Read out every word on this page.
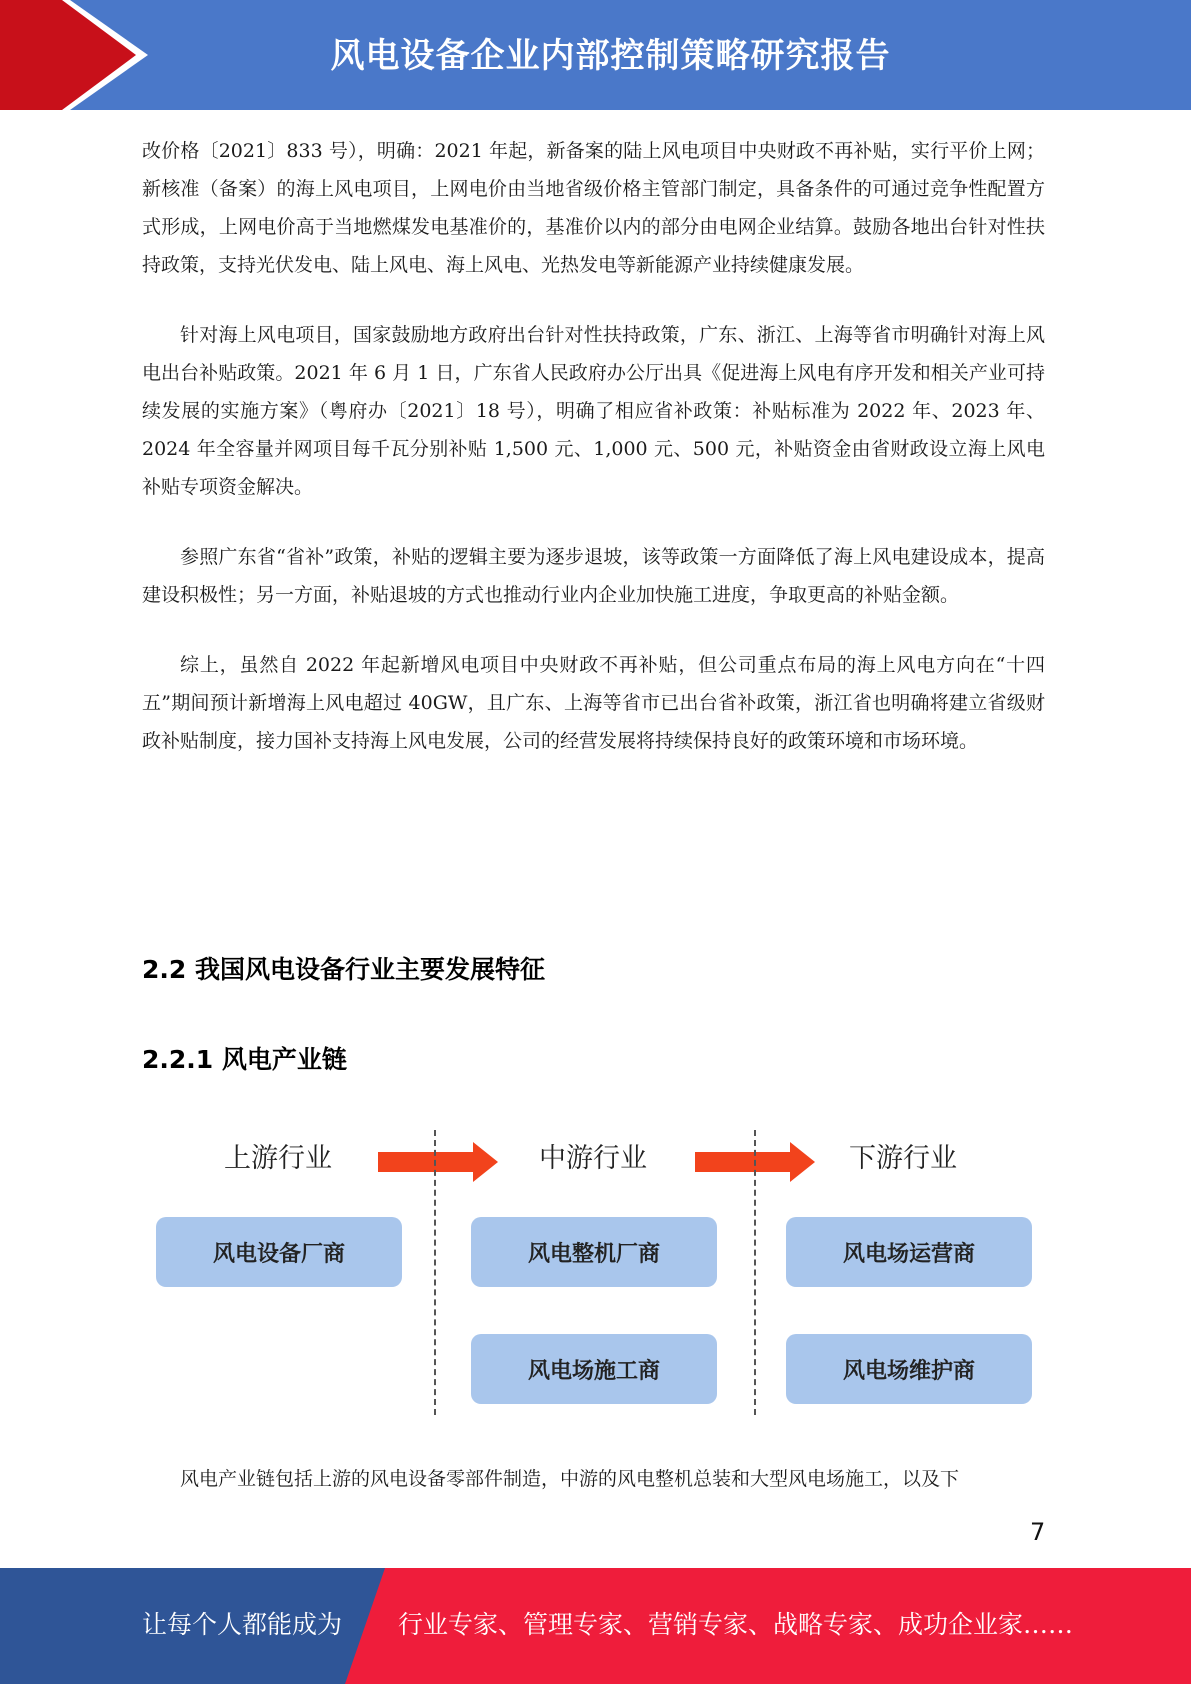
风电设备企业内部控制策略研究报告

改价格〔2021〕833 号），明确：2021 年起，新备案的陆上风电项目中央财政不再补贴，实行平价上网；新核准（备案）的海上风电项目，上网电价由当地省级价格主管部门制定，具备条件的可通过竞争性配置方式形成，上网电价高于当地燃煤发电基准价的，基准价以内的部分由电网企业结算。鼓励各地出台针对性扶持政策，支持光伏发电、陆上风电、海上风电、光热发电等新能源产业持续健康发展。

针对海上风电项目，国家鼓励地方政府出台针对性扶持政策，广东、浙江、上海等省市明确针对海上风电出台补贴政策。2021 年 6 月 1 日，广东省人民政府办公厅出具《促进海上风电有序开发和相关产业可持续发展的实施方案》（粤府办〔2021〕18 号），明确了相应省补政策：补贴标准为 2022 年、2023 年、2024 年全容量并网项目每千瓦分别补贴 1,500 元、1,000 元、500 元，补贴资金由省财政设立海上风电补贴专项资金解决。

参照广东省“省补”政策，补贴的逻辑主要为逐步退坡，该等政策一方面降低了海上风电建设成本，提高建设积极性；另一方面，补贴退坡的方式也推动行业内企业加快施工进度，争取更高的补贴金额。

综上，虽然自 2022 年起新增风电项目中央财政不再补贴，但公司重点布局的海上风电方向在“十四五”期间预计新增海上风电超过 40GW，且广东、上海等省市已出台省补政策，浙江省也明确将建立省级财政补贴制度，接力国补支持海上风电发展，公司的经营发展将持续保持良好的政策环境和市场环境。

2.2 我国风电设备行业主要发展特征
2.2.1 风电产业链
上游行业	中游行业	下游行业
风电设备厂商	风电整机厂商
风电场施工商
风电场运营商
风电场维护商

风电产业链包括上游的风电设备零部件制造，中游的风电整机总装和大型风电场施工，以及下

7
让每个人都能成为 行业专家、管理专家、营销专家、战略专家、成功企业家……
